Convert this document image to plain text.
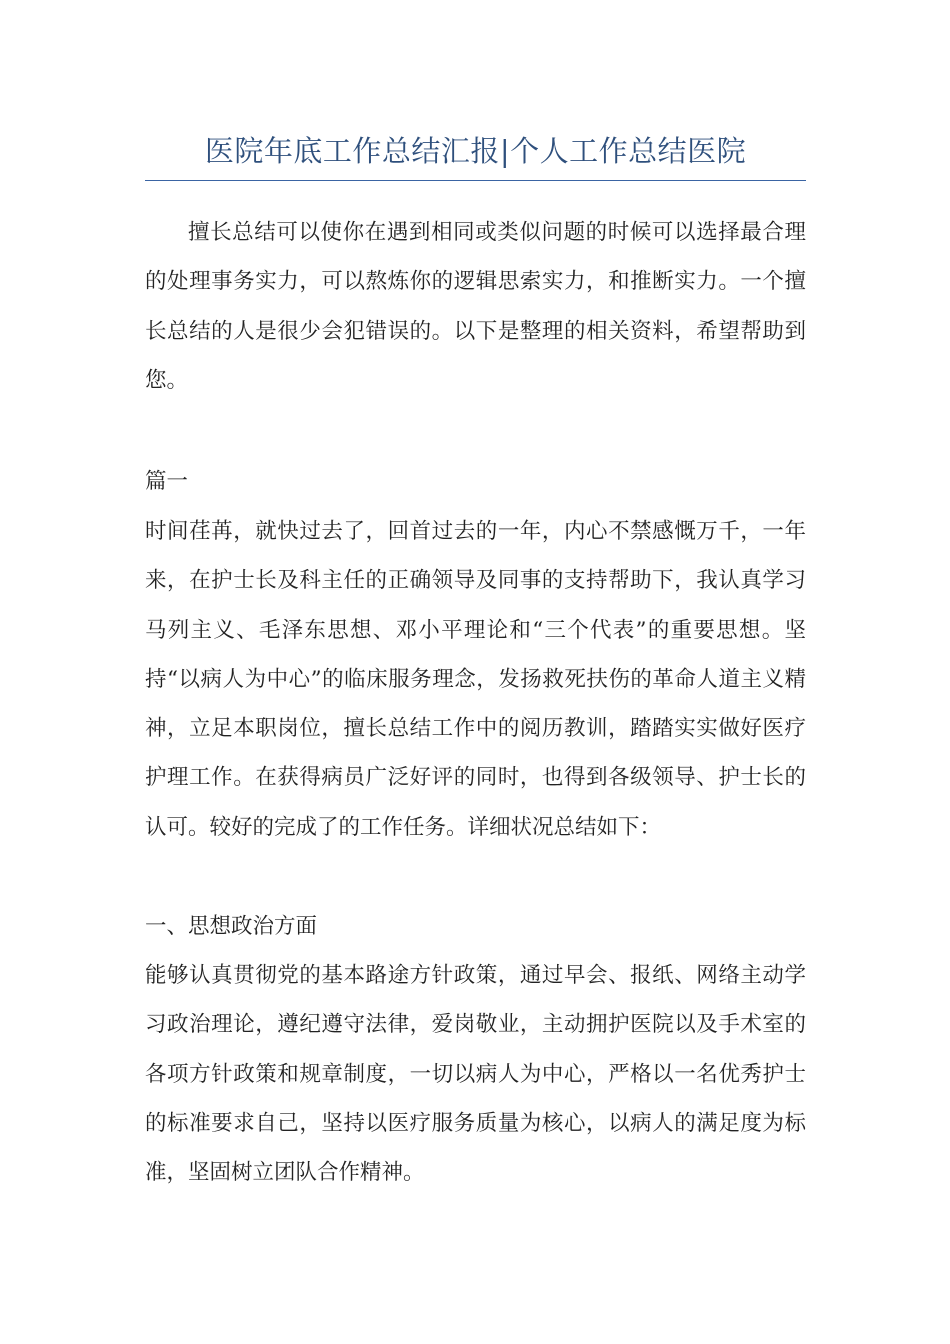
医院年底工作总结汇报|个人工作总结医院

擅长总结可以使你在遇到相同或类似问题的时候可以选择最合理的处理事务实力，可以熬炼你的逻辑思索实力，和推断实力。一个擅长总结的人是很少会犯错误的。以下是整理的相关资料，希望帮助到您。

篇一

时间荏苒，就快过去了，回首过去的一年，内心不禁感慨万千，一年来，在护士长及科主任的正确领导及同事的支持帮助下，我认真学习马列主义、毛泽东思想、邓小平理论和“三个代表”的重要思想。坚持“以病人为中心”的临床服务理念，发扬救死扶伤的革命人道主义精神，立足本职岗位，擅长总结工作中的阅历教训，踏踏实实做好医疗护理工作。在获得病员广泛好评的同时，也得到各级领导、护士长的认可。较好的完成了的工作任务。详细状况总结如下：

一、思想政治方面

能够认真贯彻党的基本路途方针政策，通过早会、报纸、网络主动学习政治理论，遵纪遵守法律，爱岗敬业，主动拥护医院以及手术室的各项方针政策和规章制度，一切以病人为中心，严格以一名优秀护士的标准要求自己，坚持以医疗服务质量为核心，以病人的满足度为标准，坚固树立团队合作精神。
